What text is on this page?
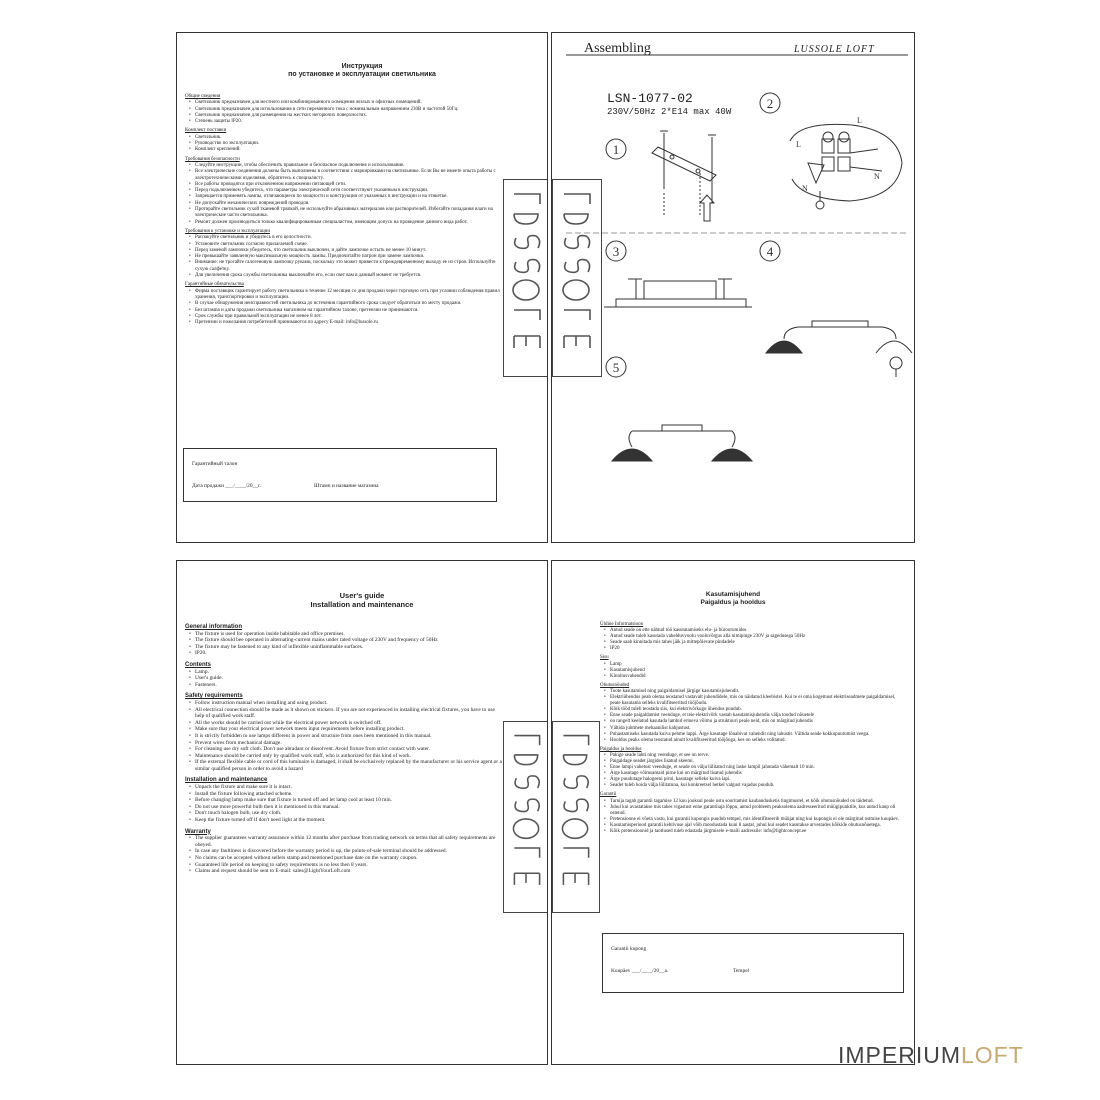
Инструкция
по установке и эксплуатации светильника
Общие сведения
• Светильник предназначен для местного или комбинированного освещения жилых и офисных помещений.
• Светильник предназначен для использования в сети переменного тока с номинальным напряжением 230В и частотой 50Гц.
• Светильник предназначен для размещения на жестких негорючих поверхностях.
• Степень защиты IP20.
Комплект поставки
• Светильник.
• Руководство по эксплуатации.
• Комплект креплений.
Требования безопасности
• Следуйте инструкции, чтобы обеспечить правильное и безопасное подключение и использование.
• Все электрические соединения должны быть выполнены в соответствии с маркировками на светильнике. Если Вы не имеете опыта работы с электротехническими изделиями, обратитесь к специалисту.
• Все работы проводятся при отключенном напряжении питающей сети.
• Перед подключением убедитесь, что параметры электрической сети соответствуют указанным в инструкции.
• Запрещается применять лампы, отличающиеся по мощности и конструкции от указанных в инструкции и на этикетке.
• Не допускайте механических повреждений проводов.
• Протирайте светильник сухой тканевой тряпкой, не используйте абразивных материалов или растворителей. Избегайте попадания влаги на электрические части светильника.
• Ремонт должен производиться только квалифицированным специалистом, имеющим допуск на проведение данного вида работ.
Требования к установке и эксплуатации
• Распакуйте светильник и убедитесь в его целостности.
• Установите светильник согласно прилагаемой схеме.
• Перед заменой лампочки убедитесь, что светильник выключен, и дайте лампочке остыть не менее 10 минут.
• Не превышайте заявленную максимальную мощность лампы. Предпочитайте патрон при замене лампочки.
• Внимание: не трогайте галогеновую лампочку руками, поскольку это может привести к преждевременному выходу ее из строя. Используйте сухую салфетку.
• Для увеличения срока службы светильника выключайте его, если свет вам в данный момент не требуется.
Гарантийные обязательства
• Фирма поставщик гарантирует работу светильника в течение 12 месяцев со дня продажи через торговую сеть при условии соблюдения правил хранения, транспортировки и эксплуатации.
• В случае обнаружения неисправностей светильника до истечения гарантийного срока следует обратиться по месту продажи.
• Без штампа и даты продажи светильника магазином на гарантийном талоне, претензии не принимаются.
• Срок службы при правильной эксплуатации не менее 8 лет.
• Претензии и пожелания потребителей принимаются по адресу E-mail: info@lussole.ru
Гарантийный талон
Дата продажи ___/____/20__г.	Штамп и название магазина
Assembling	LUSSOLE LOFT
LSN-1077-02
230V/50Hz 2*E14 max 40W
1
2
3	4
5
L
N
L
N
User's guide
Installation and maintenance
General information
• The fixture is used for operation inside habitable and office premises.
• The fixture should bee operated in alternating-current mains under rated voltage of 230V and frequency of 50Hz
• The fixture may be fastened to any kind of inflexible uninflammable surfaces.
• IP20.
Contents
• Lamp.
• User's guide.
• Fasteners.
Safety requirements
• Follow instruction manual when installing and using product.
• All electrical connection should be made as it shown on stickers. If you are not experienced in installing electrical fixtures, you have to use help of qualified work staff.
• All the works should be carried out while the electrical power network is switched off.
• Make sure that your electrical power network meets input requirements before installing product.
• It is strictly forbidden to use lamps different in power and structure from ones been mentioned in this manual.
• Prevent wires from mechanical damage.
• For cleaning use dry soft cloth. Don't use abradant or dissolvent. Avoid fixture from strict contact with water.
• Maintenance should be carried only by qualified work staff, who is authorized for this kind of work.
• If the external flexible cable or cord of this luminaire is damaged, it shall be exclusively replaced by the manufacturer or his service agent or a similar qualified person in order to avoid a hazard
Installation and maintenance
• Unpack the fixture and make sure it is intact.
• Install the fixture following attached scheme.
• Before changing lamp make sure that fixture is turned off and let lamp cool at least 10 min.
• Do not use more powerful bulb then it is mentioned in this manual.
• Don't touch halogen bulb, use dry cloth.
• Keep the fixture turned off if don't need light at the moment.
Warranty
• The supplier guarantees warranty assurance within 12 months after purchase from trading network on terms that all safety requirements are obeyed.
• In case any faultiness is discovered before the warranty period is up, the points-of-sale terminal should be addressed.
• No claims can be accepted without sellers stamp and mentioned purchase date on the warranty coupon.
• Guaranteed life period on keeping to safety requirements is no less then 8 years.
• Claims and request should be sent to E-mail: sales@LightYourLoft.com
Kasutamisjuhend
Paigaldus ja hooldus
Üldine Informatsioon
• Antud seade on ette nähtud töö kasutatamiseks elu- ja büroorumides
• Antud seade tuleb kasutada vahelduvvoolu vooluvõrgus alla nimipinge 230V ja sagedusega 50Hz
• Seade saab kinnitada mis tahes jäik ja mittepõlevate pindadele
• IP20
Sisu
• Lamp
• Kasutamisjuhend
• Kinnitusvahendid
Ohutusnõuded
• Toote kasutamisel ning paigaldamisel järgige kasutamisjuhendit.
• Elektriühendus peab olema teostatud vastavalt juhendidele, mis on näidatud kleebistel. Kui te ei oma kogemust elektriseadmete paigaldamisel, peate kasutama selleks kvalifitseeritud tööjõudu.
• Kõik tööd tuleb teostada siis, kui elektrivõrkugu ühendus puudub.
• Enne seade paigaldamist veenduge, et teie elektrivõrk vastab kasutamisjuhendis välja toodud nõuetele
• on rangelt keelatud kasutada lambid erineva võimu ja struktuuri peale neid, mis on märgitud juhendis
• Vältida juhtmete mehaanilist kahjustust.
• Puhastamiseks kasutada kuiva pehme lappi. Ärge kasutage lõuabivat vahendit ning lahustit. Vältida seade kokkupuutumist veega.
• Hooldus peaks olema teostatud ainult kvalifitseeritud tööjõuga, kes on selleks volitatud.
Paigaldus ja hooldus
• Pakige seade lahti ning veenduge, et see on terve.
• Paigaldage seadet järgides lisatud skeemi.
• Enne lampi vahetust veenduge, et seade on välja lülitatud ning laske lampil jahutada vähemalt 10 min.
• Ärge kasutage võimsamaid pirne kui on märgitud lisatud juhendis
• Ärge puudutage halogeeni pirni, kasutage selleks kuiva lapi.
• Seadet tuleb hoida välja lülitatuna, kui konkreetsel hetkel valgust vajadus puudub.
Garantii
• Tarnija tagab garantii tagamise 12 kuu jooksul peale ostu sooritamist kaubandusketis tingimustel, et kõik ohutusnõuded on täidetud.
• Juhul kui avastatakse mis tahes vigastust enne garantiiaja lõppu, antud probleem peaksolema aadresseeritud müügipunktile, kus antud kaup oli ostetud.
• Pretensioone ei võeta vastu, kui garantii kupongis puudub tempel, mis identifitseerib müüjat ning kui kupongis ei ole märgitud ostmise kuupäev.
• Kasutamisperiood garantii kehtivuse ajal võib moodustada kuni 8 aastat, juhul kui seadet kasutakse arvestades kõikide ohutusnõuetega.
• Kõik pretensioonid ja taotlused tuleb edastada järgmisele e-maili aadressile: info@lightconcept.ee
Garantii kupong
Kuupäev ___/____/20__a.	Tempel
IMPERIUMLOFT
